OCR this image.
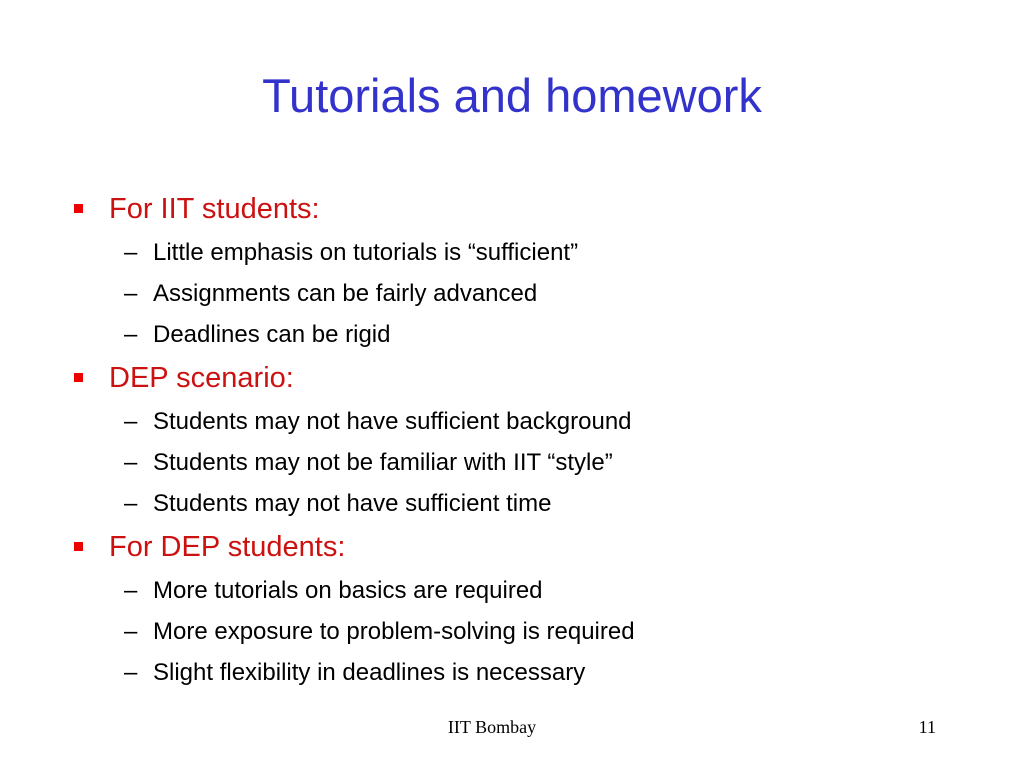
Tutorials and homework
For IIT students:
– Little emphasis on tutorials is “sufficient”
– Assignments can be fairly advanced
– Deadlines can be rigid
DEP scenario:
– Students may not have sufficient background
– Students may not be familiar with IIT “style”
– Students may not have sufficient time
For DEP students:
– More tutorials on basics are required
– More exposure to problem-solving is required
– Slight flexibility in deadlines is necessary
IIT Bombay	11
